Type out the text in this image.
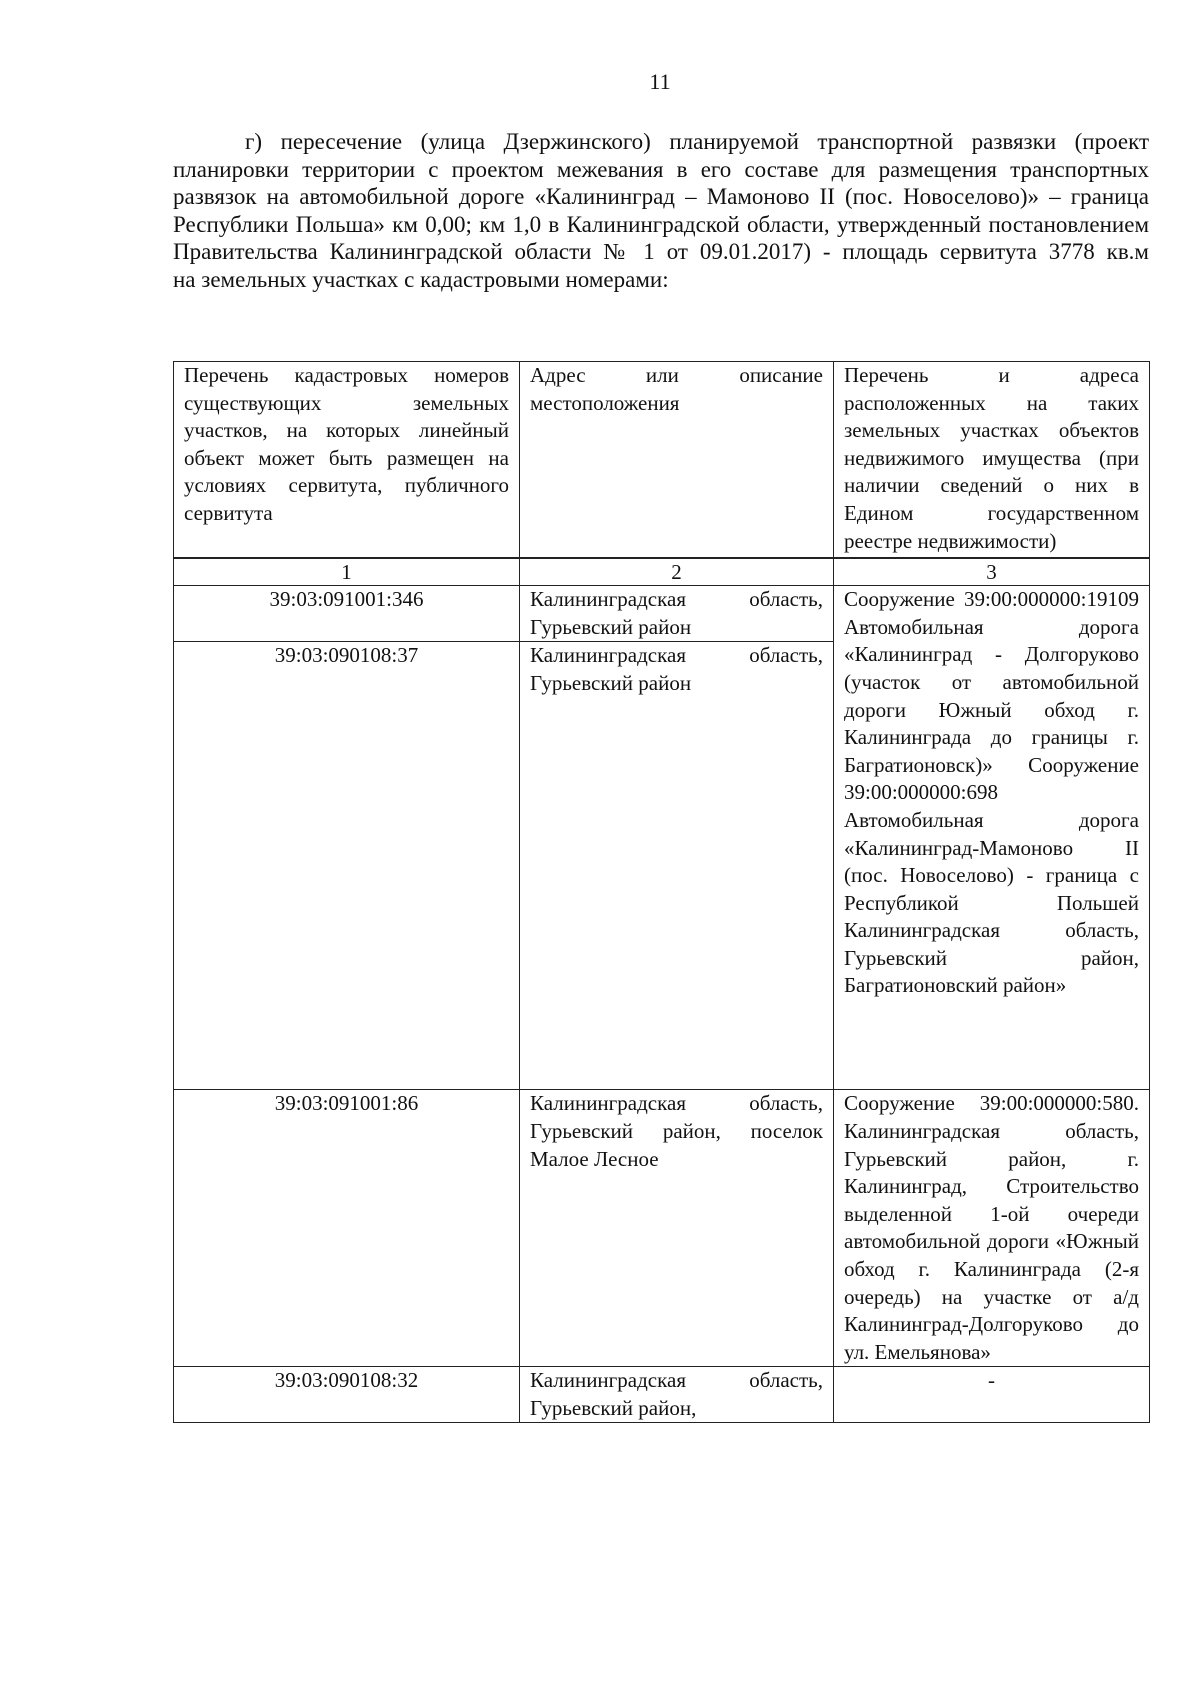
11

г) пересечение (улица Дзержинского) планируемой транспортной развязки (проект планировки территории с проектом межевания в его составе для размещения транспортных развязок на автомобильной дороге «Калининград – Мамоново II (пос. Новоселово)» – граница Республики Польша» км 0,00; км 1,0 в Калининградской области, утвержденный постановлением Правительства Калининградской области № 1 от 09.01.2017) - площадь сервитута 3778 кв.м

на земельных участках с кадастровыми номерами:

Перечень кадастровых номеров существующих земельных участков, на которых линейный объект может быть размещен на условиях сервитута, публичного сервитута	Адрес или описание местоположения	Перечень и адреса расположенных на таких земельных участках объектов недвижимого имущества (при наличии сведений о них в Едином государственном реестре недвижимости)
1	2	3
39:03:091001:346	Калининградская область, Гурьевский район	Сооружение 39:00:000000:19109 Автомобильная дорога «Калининград - Долгоруково (участок от автомобильной дороги Южный обход г. Калининграда до границы г. Багратионовск)» Сооружение 39:00:000000:698 Автомобильная дорога «Калининград-Мамоново II (пос. Новоселово) - граница с Республикой Польшей Калининградская область, Гурьевский район, Багратионовский район»
39:03:090108:37	Калининградская область, Гурьевский район	
39:03:091001:86	Калининградская область, Гурьевский район, поселок Малое Лесное	Сооружение 39:00:000000:580. Калининградская область, Гурьевский район, г. Калининград, Строительство выделенной 1-ой очереди автомобильной дороги «Южный обход г. Калининграда (2-я очередь) на участке от а/д Калининград-Долгоруково до ул. Емельянова»
39:03:090108:32	Калининградская область, Гурьевский район,	-
